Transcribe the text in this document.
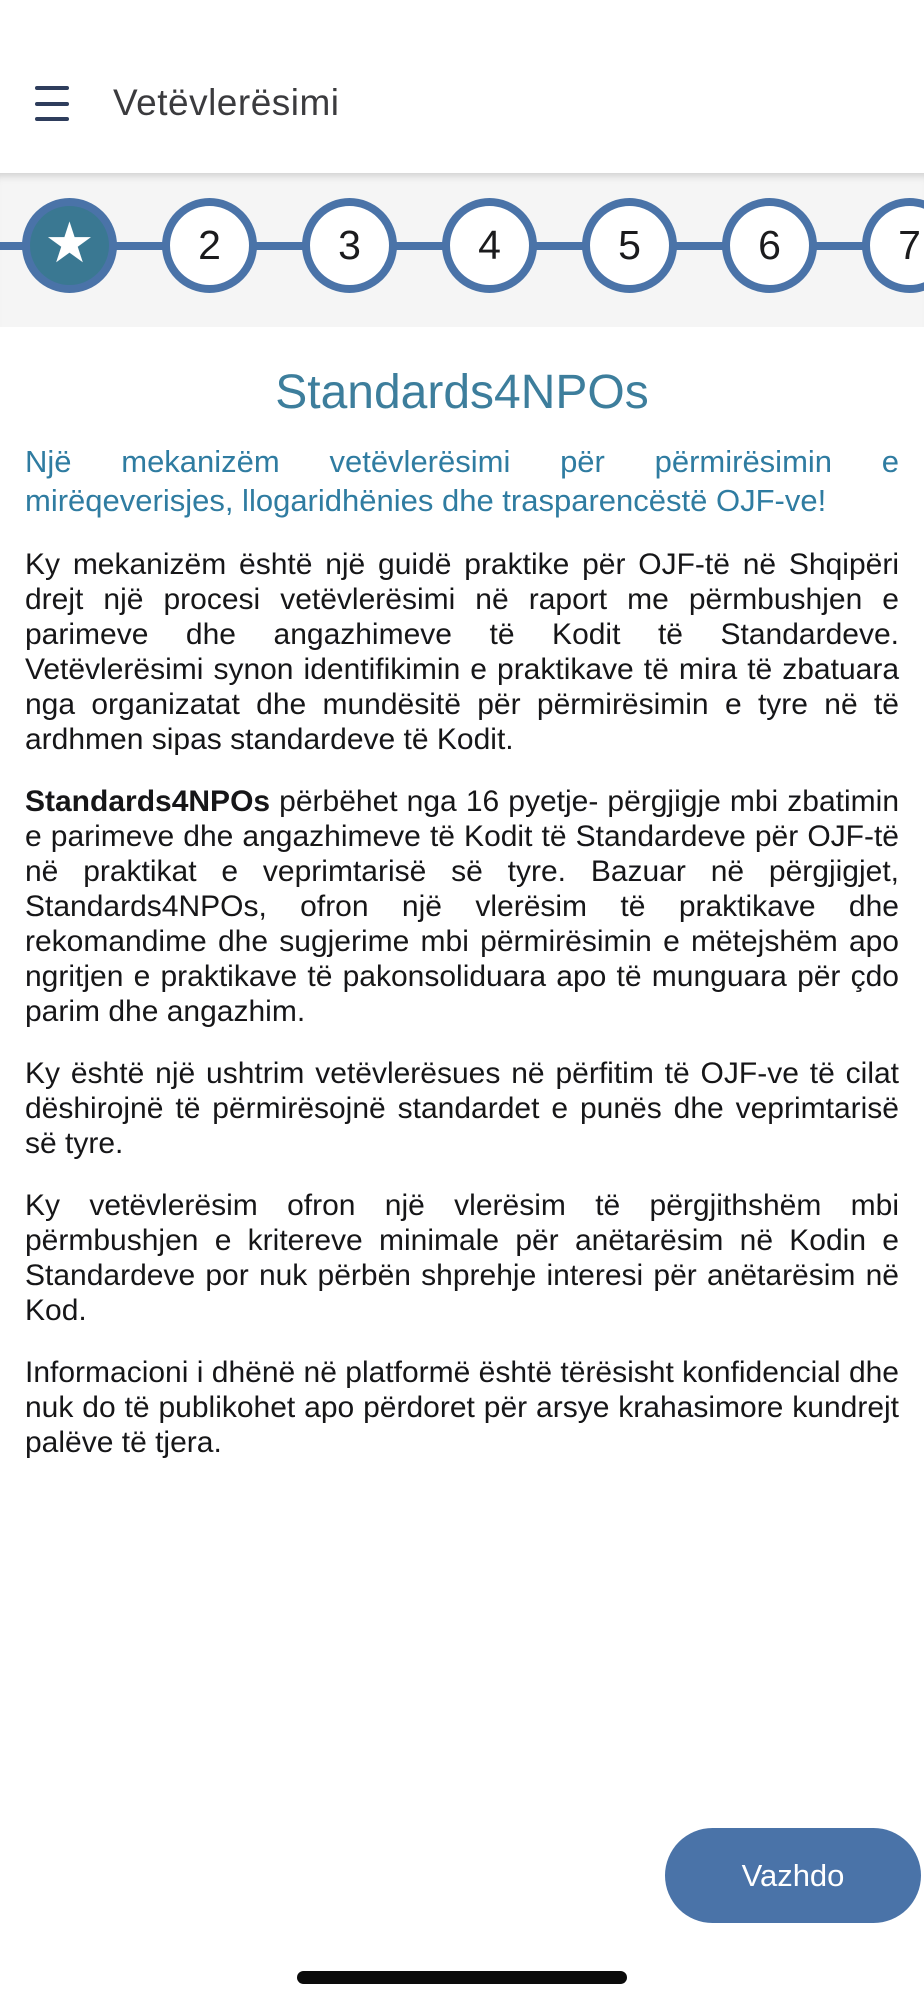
Vetëvlerësimi
★	2	3	4	5	6	7
Standards4NPOs

Një mekanizëm vetëvlerësimi për përmirësimin e mirëqeverisjes, llogaridhënies dhe trasparencëstë OJF-ve!

Ky mekanizëm është një guidë praktike për OJF-të në Shqipëri drejt një procesi vetëvlerësimi në raport me përmbushjen e parimeve dhe angazhimeve të Kodit të Standardeve. Vetëvlerësimi synon identifikimin e praktikave të mira të zbatuara nga organizatat dhe mundësitë për përmirësimin e tyre në të ardhmen sipas standardeve të Kodit.

Standards4NPOs përbëhet nga 16 pyetje- përgjigje mbi zbatimin e parimeve dhe angazhimeve të Kodit të Standardeve për OJF-të në praktikat e veprimtarisë së tyre. Bazuar në përgjigjet, Standards4NPOs, ofron një vlerësim të praktikave dhe rekomandime dhe sugjerime mbi përmirësimin e mëtejshëm apo ngritjen e praktikave të pakonsoliduara apo të munguara për çdo parim dhe angazhim.

Ky është një ushtrim vetëvlerësues në përfitim të OJF-ve të cilat dëshirojnë të përmirësojnë standardet e punës dhe veprimtarisë së tyre.

Ky vetëvlerësim ofron një vlerësim të përgjithshëm mbi përmbushjen e kritereve minimale për anëtarësim në Kodin e Standardeve por nuk përbën shprehje interesi për anëtarësim në Kod.

Informacioni i dhënë në platformë është tërësisht konfidencial dhe nuk do të publikohet apo përdoret për arsye krahasimore kundrejt palëve të tjera.

Vazhdo
